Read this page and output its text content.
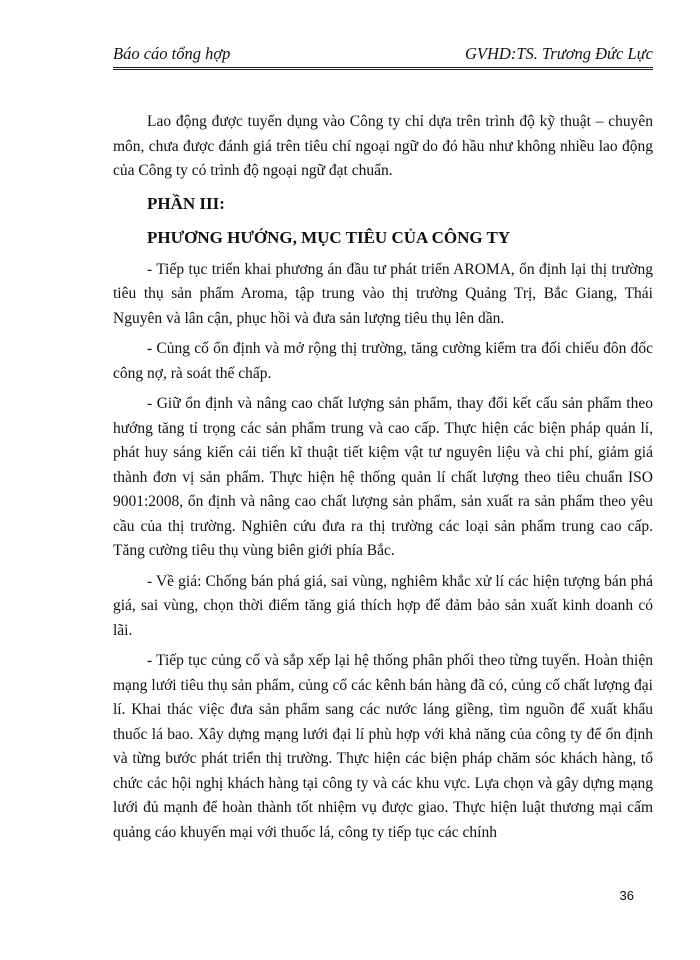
Báo cáo tổng hợp	GVHD:TS. Trương Đức Lực

Lao động được tuyển dụng vào Công ty chỉ dựa trên trình độ kỹ thuật – chuyên môn, chưa được đánh giá trên tiêu chí ngoại ngữ do đó hầu như không nhiều lao động của Công ty có trình độ ngoại ngữ đạt chuẩn.

PHẦN III:

PHƯƠNG HƯỚNG, MỤC TIÊU CỦA CÔNG TY

- Tiếp tục triển khai phương án đầu tư phát triển AROMA, ổn định lại thị trường tiêu thụ sản phẩm Aroma, tập trung vào thị trường Quảng Trị, Bắc Giang, Thái Nguyên và lân cận, phục hồi và đưa sản lượng tiêu thụ lên dần.

- Củng cố ổn định và mở rộng thị trường, tăng cường kiểm tra đối chiếu đôn đốc công nợ, rà soát thế chấp.

- Giữ ổn định và nâng cao chất lượng sản phẩm, thay đổi kết cấu sản phẩm theo hướng tăng tỉ trọng các sản phẩm trung và cao cấp. Thực hiện các biện pháp quản lí, phát huy sáng kiến cải tiến kĩ thuật tiết kiệm vật tư nguyên liệu và chi phí, giảm giá thành đơn vị sản phẩm. Thực hiện hệ thống quản lí chất lượng theo tiêu chuẩn ISO 9001:2008, ổn định và nâng cao chất lượng sản phẩm, sản xuất ra sản phẩm theo yêu cầu của thị trường. Nghiên cứu đưa ra thị trường các loại sản phẩm trung cao cấp. Tăng cường tiêu thụ vùng biên giới phía Bắc.

- Về giá: Chống bán phá giá, sai vùng, nghiêm khắc xử lí các hiện tượng bán phá giá, sai vùng, chọn thời điểm tăng giá thích hợp để đảm bảo sản xuất kinh doanh có lãi.

- Tiếp tục củng cố và sắp xếp lại hệ thống phân phối theo từng tuyến. Hoàn thiện mạng lưới tiêu thụ sản phẩm, củng cố các kênh bán hàng đã có, củng cố chất lượng đại lí. Khai thác việc đưa sản phẩm sang các nước láng giềng, tìm nguồn để xuất khẩu thuốc lá bao. Xây dựng mạng lưới đại lí phù hợp với khả năng của công ty để ổn định và từng bước phát triển thị trường. Thực hiện các biện pháp chăm sóc khách hàng, tổ chức các hội nghị khách hàng tại công ty và các khu vực. Lựa chọn và gây dựng mạng lưới đủ mạnh để hoàn thành tốt nhiệm vụ được giao. Thực hiện luật thương mại cấm quảng cáo khuyến mại với thuốc lá, công ty tiếp tục các chính

36
